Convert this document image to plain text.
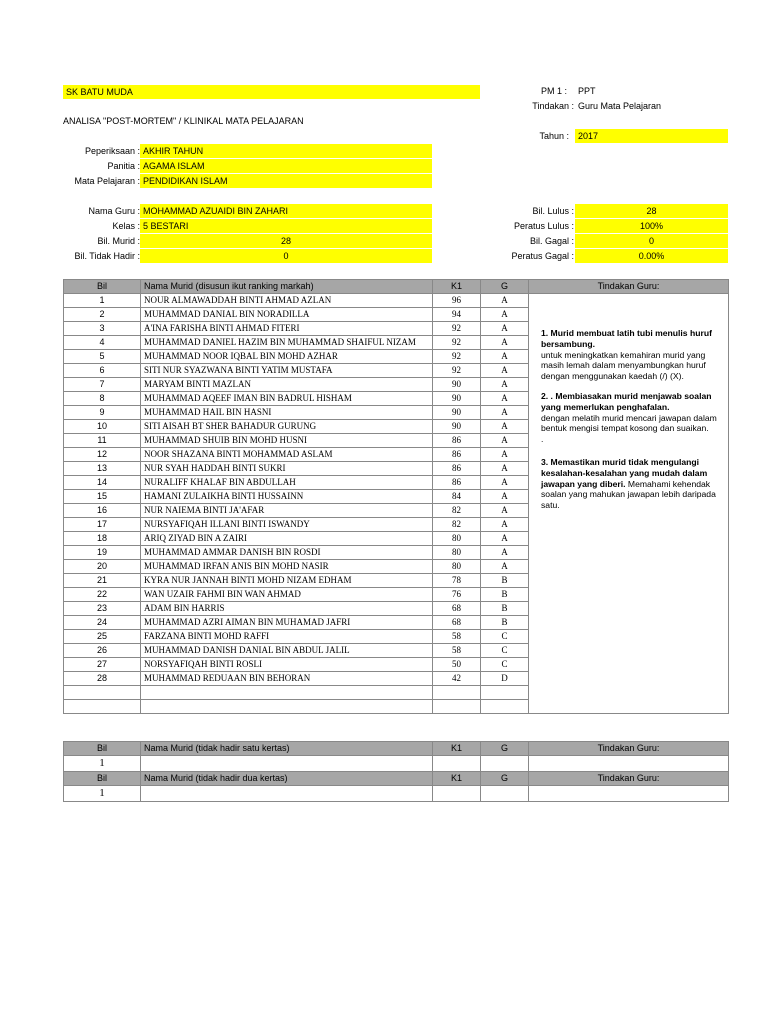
SK BATU MUDA	PM 1 :	PPT
Tindakan : Guru Mata Pelajaran
ANALISA "POST-MORTEM" / KLINIKAL MATA PELAJARAN
Tahun :	2017
Peperiksaan : AKHIR TAHUN
Panitia : AGAMA ISLAM
Mata Pelajaran : PENDIDIKAN ISLAM
Nama Guru : MOHAMMAD AZUAIDI BIN ZAHARI
Kelas : 5 BESTARI
Bil. Murid :	28
Bil. Tidak Hadir :	0
Bil. Lulus :	28
Peratus Lulus :	100%
Bil. Gagal :	0
Peratus Gagal :	0.00%
Bil	Nama Murid (disusun ikut ranking markah)	K1	G	Tindakan Guru:
1	NOUR ALMAWADDAH BINTI AHMAD AZLAN	96	A	
2	MUHAMMAD DANIAL BIN NORADILLA	94	A	
3	A'INA FARISHA BINTI AHMAD FITERI	92	A	
4	MUHAMMAD DANIEL HAZIM BIN MUHAMMAD SHAIFUL NIZAM	92	A	
5	MUHAMMAD NOOR IQBAL BIN MOHD AZHAR	92	A	
6	SITI NUR SYAZWANA BINTI YATIM MUSTAFA	92	A	
7	MARYAM BINTI MAZLAN	90	A	
8	MUHAMMAD AQEEF IMAN BIN BADRUL HISHAM	90	A	
9	MUHAMMAD HAIL BIN HASNI	90	A	
10	SITI AISAH BT SHER BAHADUR GURUNG	90	A	
11	MUHAMMAD SHUIB BIN MOHD HUSNI	86	A	
12	NOOR SHAZANA BINTI MOHAMMAD ASLAM	86	A	
13	NUR SYAH HADDAH BINTI SUKRI	86	A	
14	NURALIFF KHALAF BIN ABDULLAH	86	A	
15	HAMANI ZULAIKHA BINTI HUSSAINN	84	A	
16	NUR NAIEMA BINTI JA'AFAR	82	A	
17	NURSYAFIQAH ILLANI BINTI ISWANDY	82	A	
18	ARIQ ZIYAD BIN A ZAIRI	80	A	
19	MUHAMMAD AMMAR DANISH BIN ROSDI	80	A	
20	MUHAMMAD IRFAN ANIS BIN MOHD NASIR	80	A	
21	KYRA NUR JANNAH BINTI MOHD NIZAM EDHAM	78	B	
22	WAN UZAIR FAHMI BIN WAN AHMAD	76	B	
23	ADAM BIN HARRIS	68	B	
24	MUHAMMAD AZRI AIMAN BIN MUHAMAD JAFRI	68	B	
25	FARZANA BINTI MOHD RAFFI	58	C	
26	MUHAMMAD DANISH DANIAL BIN ABDUL JALIL	58	C	
27	NORSYAFIQAH BINTI ROSLI	50	C	
28	MUHAMMAD REDUAAN BIN BEHORAN	42	D	

1. Murid membuat latih tubi menulis huruf bersambung.
untuk meningkatkan kemahiran murid yang masih lemah dalam menyambungkan huruf dengan menggunakan kaedah (/) (X).

2. . Membiasakan murid menjawab soalan yang memerlukan penghafalan.
dengan melatih murid mencari jawapan dalam bentuk mengisi tempat kosong dan suaikan.
.

3. Memastikan murid tidak mengulangi kesalahan-kesalahan yang mudah dalam jawapan yang diberi. Memahami kehendak soalan yang mahukan jawapan lebih daripada satu.

Bil	Nama Murid (tidak hadir satu kertas)	K1	G	Tindakan Guru:
1				
Bil	Nama Murid (tidak hadir dua kertas)	K1	G	Tindakan Guru:
1				
